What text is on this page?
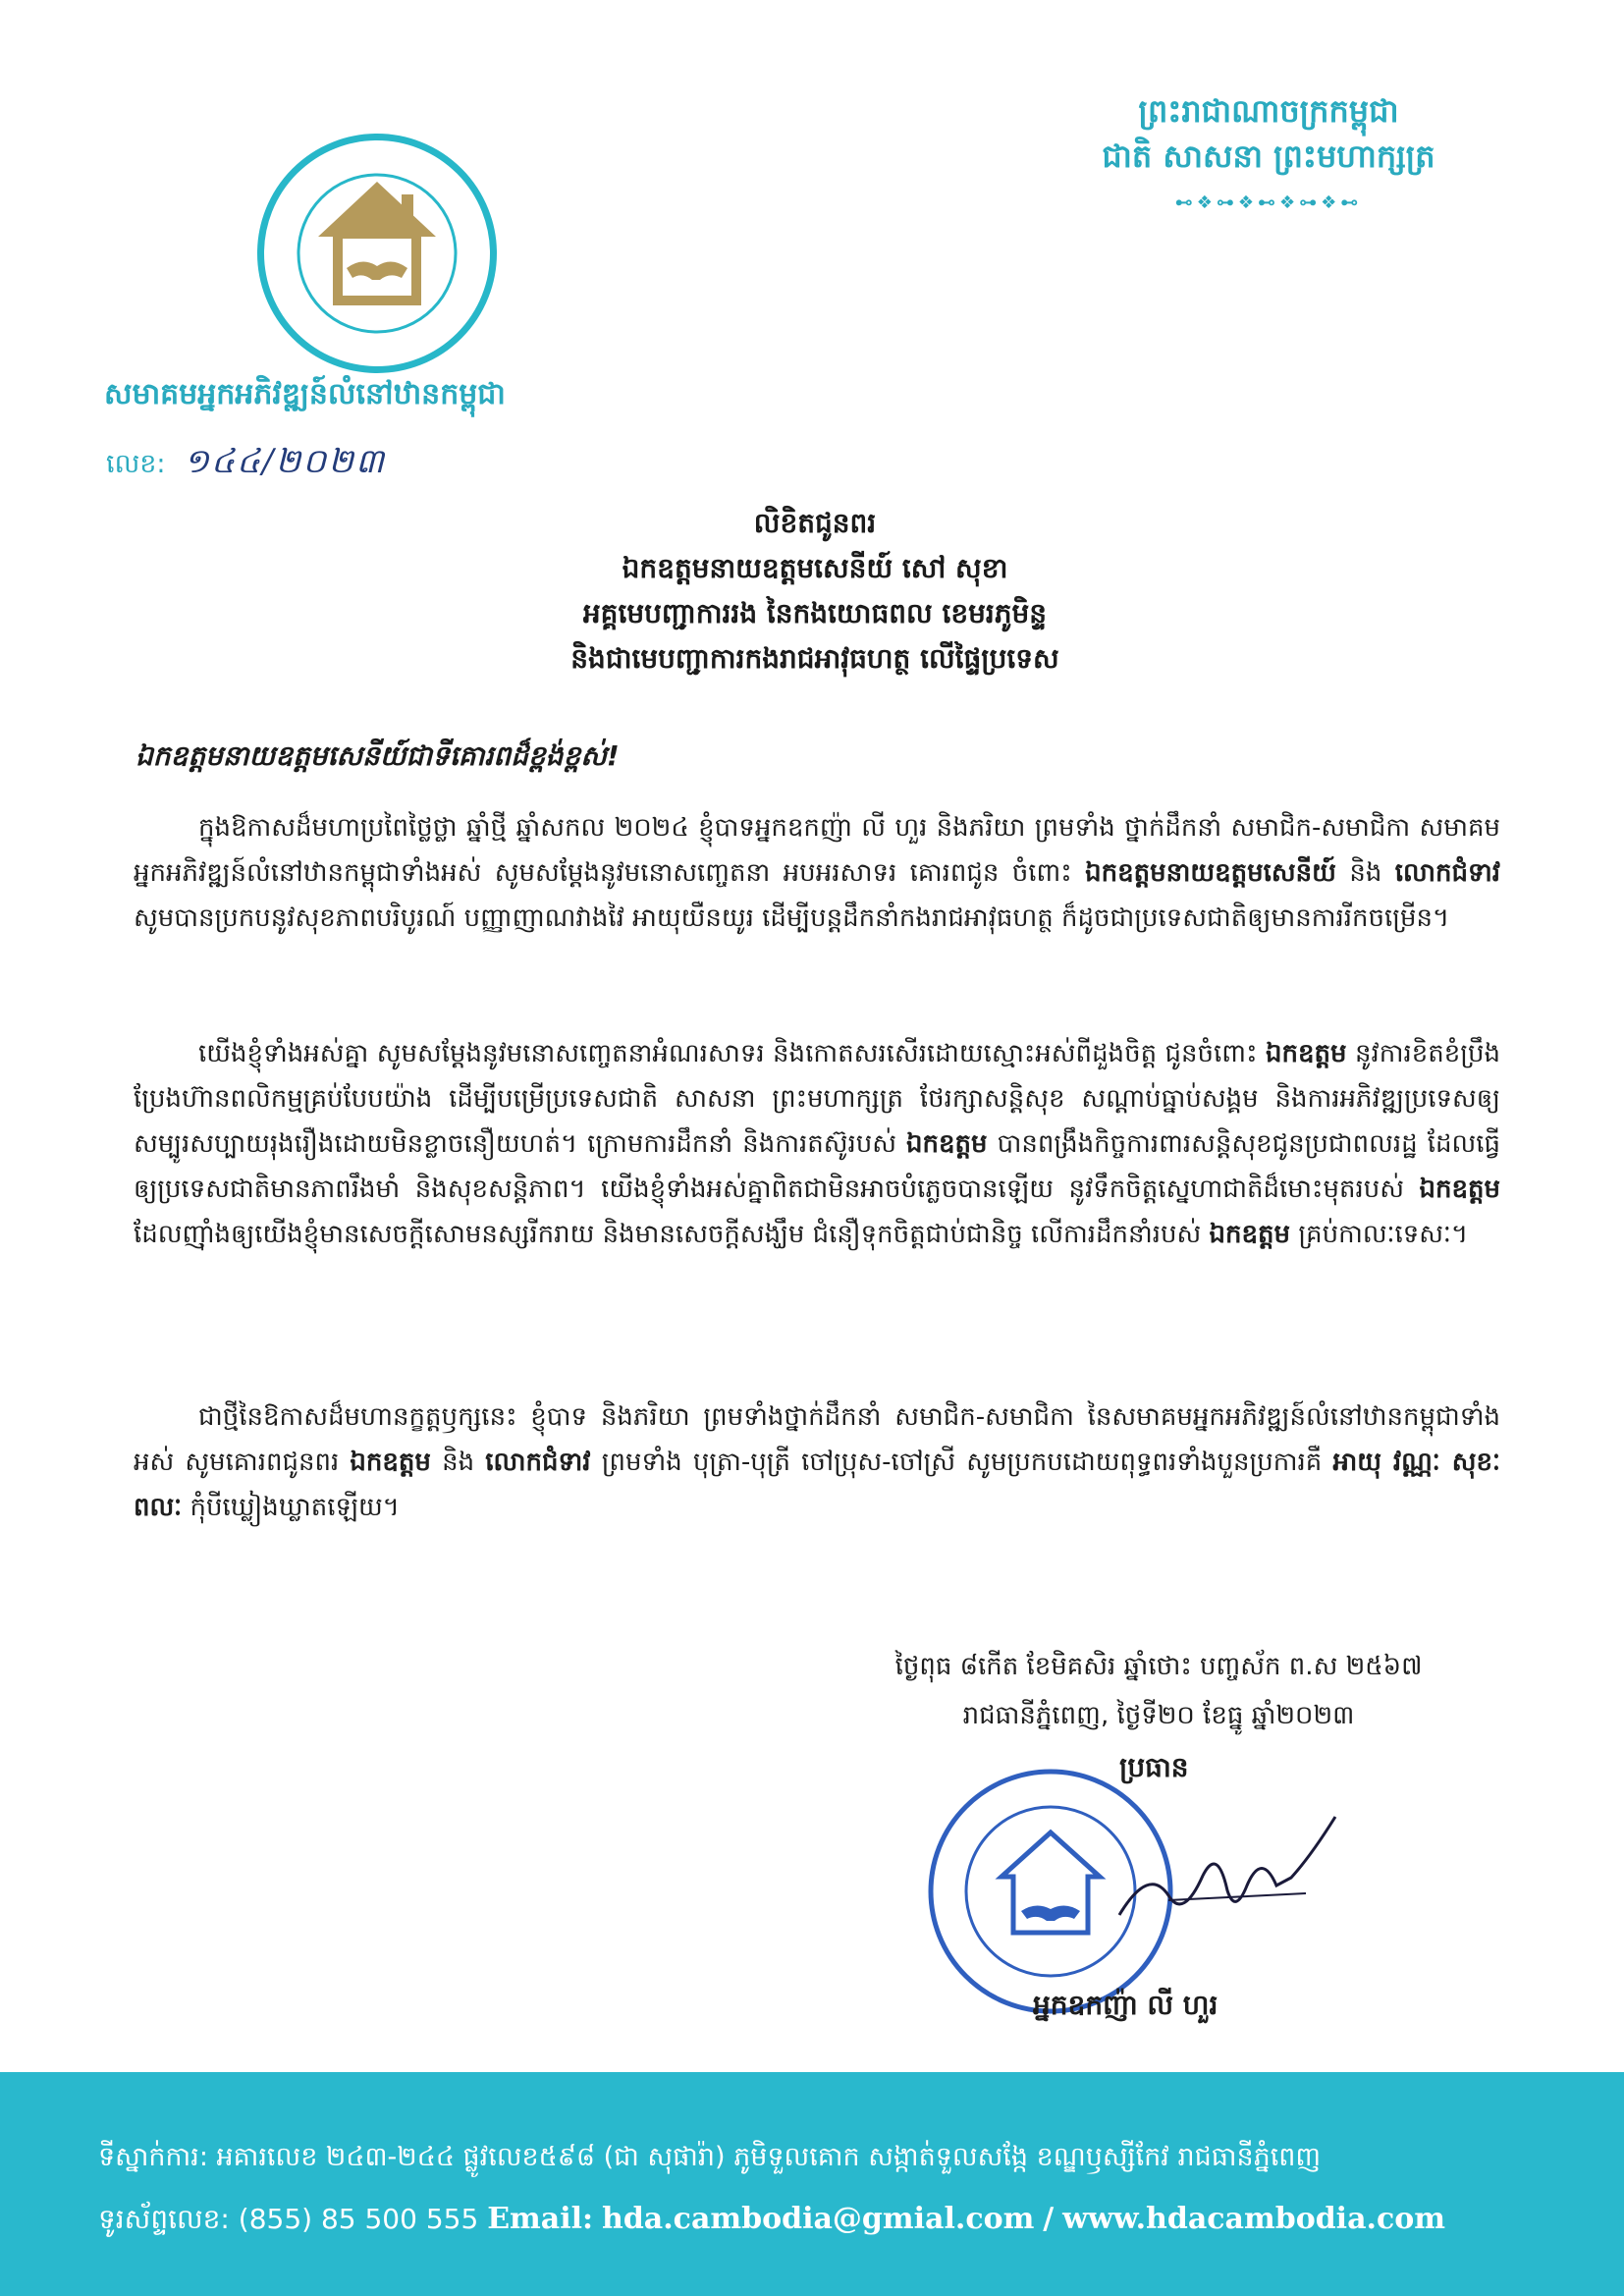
សមាគមអ្នកអភិវឌ្ឍន៍លំនៅឋានកម្ពុជា
លេខ: ១៤៤/២០២៣
ព្រះរាជាណាចក្រកម្ពុជា
ជាតិ សាសនា ព្រះមហាក្សត្រ
⊷❖⊶❖⊷❖⊶❖⊷
លិខិតជូនពរ
ឯកឧត្តមនាយឧត្តមសេនីយ៍ សៅ សុខា
អគ្គមេបញ្ជាការរង នៃកងយោធពល ខេមរភូមិន្ទ
និងជាមេបញ្ជាការកងរាជអាវុធហត្ថ លើផ្ទៃប្រទេស
ឯកឧត្តមនាយឧត្តមសេនីយ៍ជាទីគោរពដ៏ខ្ពង់ខ្ពស់!

ក្នុងឱកាសដ៏មហាប្រពៃថ្លៃថ្លា ឆ្នាំថ្មី ឆ្នាំសកល ២០២៤ ខ្ញុំបាទអ្នកឧកញ៉ា លី ហួរ និងភរិយា ព្រមទាំង ថ្នាក់ដឹកនាំ សមាជិក-សមាជិកា សមាគមអ្នកអភិវឌ្ឍន៍លំនៅឋានកម្ពុជាទាំងអស់ សូមសម្តែងនូវមនោសញ្ចេតនា អបអរសាទរ គោរពជូន ចំពោះ ឯកឧត្តមនាយឧត្តមសេនីយ៍ និង លោកជំទាវ សូមបានប្រកបនូវសុខភាពបរិបូរណ៍ បញ្ញាញាណវាងវៃ អាយុយឺនយូរ ដើម្បីបន្តដឹកនាំកងរាជអាវុធហត្ថ ក៏ដូចជាប្រទេសជាតិឲ្យមានការរីកចម្រើន។

យើងខ្ញុំទាំងអស់គ្នា សូមសម្តែងនូវមនោសញ្ចេតនាអំណរសាទរ និងកោតសរសើរដោយស្មោះអស់ពីដួងចិត្ត ជូនចំពោះ ឯកឧត្តម នូវការខិតខំប្រឹងប្រែងហ៊ានពលិកម្មគ្រប់បែបយ៉ាង ដើម្បីបម្រើប្រទេសជាតិ សាសនា ព្រះមហាក្សត្រ ថែរក្សាសន្តិសុខ សណ្តាប់ធ្នាប់សង្គម និងការអភិវឌ្ឍប្រទេសឲ្យសម្បូរសប្បាយរុងរឿងដោយមិនខ្លាចនឿយហត់។ ក្រោមការដឹកនាំ និងការតស៊ូរបស់ ឯកឧត្តម បានពង្រឹងកិច្ចការពារសន្តិសុខជូនប្រជាពលរដ្ឋ ដែលធ្វើឲ្យប្រទេសជាតិមានភាពរឹងមាំ និងសុខសន្តិភាព។ យើងខ្ញុំទាំងអស់គ្នាពិតជាមិនអាចបំភ្លេចបានឡើយ នូវទឹកចិត្តស្នេហាជាតិដ៏មោះមុតរបស់ ឯកឧត្តម ដែលញ៉ាំងឲ្យយើងខ្ញុំមានសេចក្តីសោមនស្សរីករាយ និងមានសេចក្តីសង្ឃឹម ជំនឿទុកចិត្តជាប់ជានិច្ច លើការដឹកនាំរបស់ ឯកឧត្តម គ្រប់កាលៈទេសៈ។

ជាថ្មីនៃឱកាសដ៏មហានក្ខត្តឫក្សនេះ ខ្ញុំបាទ និងភរិយា ព្រមទាំងថ្នាក់ដឹកនាំ សមាជិក-សមាជិកា នៃសមាគមអ្នកអភិវឌ្ឍន៍លំនៅឋានកម្ពុជាទាំងអស់ សូមគោរពជូនពរ ឯកឧត្តម និង លោកជំទាវ ព្រមទាំង បុត្រា-បុត្រី ចៅប្រុស-ចៅស្រី សូមប្រកបដោយពុទ្ធពរទាំងបួនប្រការគឺ អាយុ វណ្ណៈ សុខៈ ពលៈ កុំបីឃ្លៀងឃ្លាតឡើយ។

ថ្ងៃពុធ ៨កើត ខែមិគសិរ ឆ្នាំថោះ បញ្ចស័ក ព.ស ២៥៦៧
រាជធានីភ្នំពេញ, ថ្ងៃទី២០ ខែធ្នូ ឆ្នាំ២០២៣
ប្រធាន
អ្នកឧកញ៉ា លី ហួរ
ទីស្នាក់ការ: អគារលេខ ២៤៣-២៤៤ ផ្លូវលេខ៥៩៨ (ជា សុផារ៉ា) ភូមិទួលគោក សង្កាត់ទួលសង្កែ ខណ្ឌឫស្សីកែវ រាជធានីភ្នំពេញ
ទូរស័ព្ទលេខ: (855) 85 500 555 Email: hda.cambodia@gmial.com / www.hdacambodia.com
